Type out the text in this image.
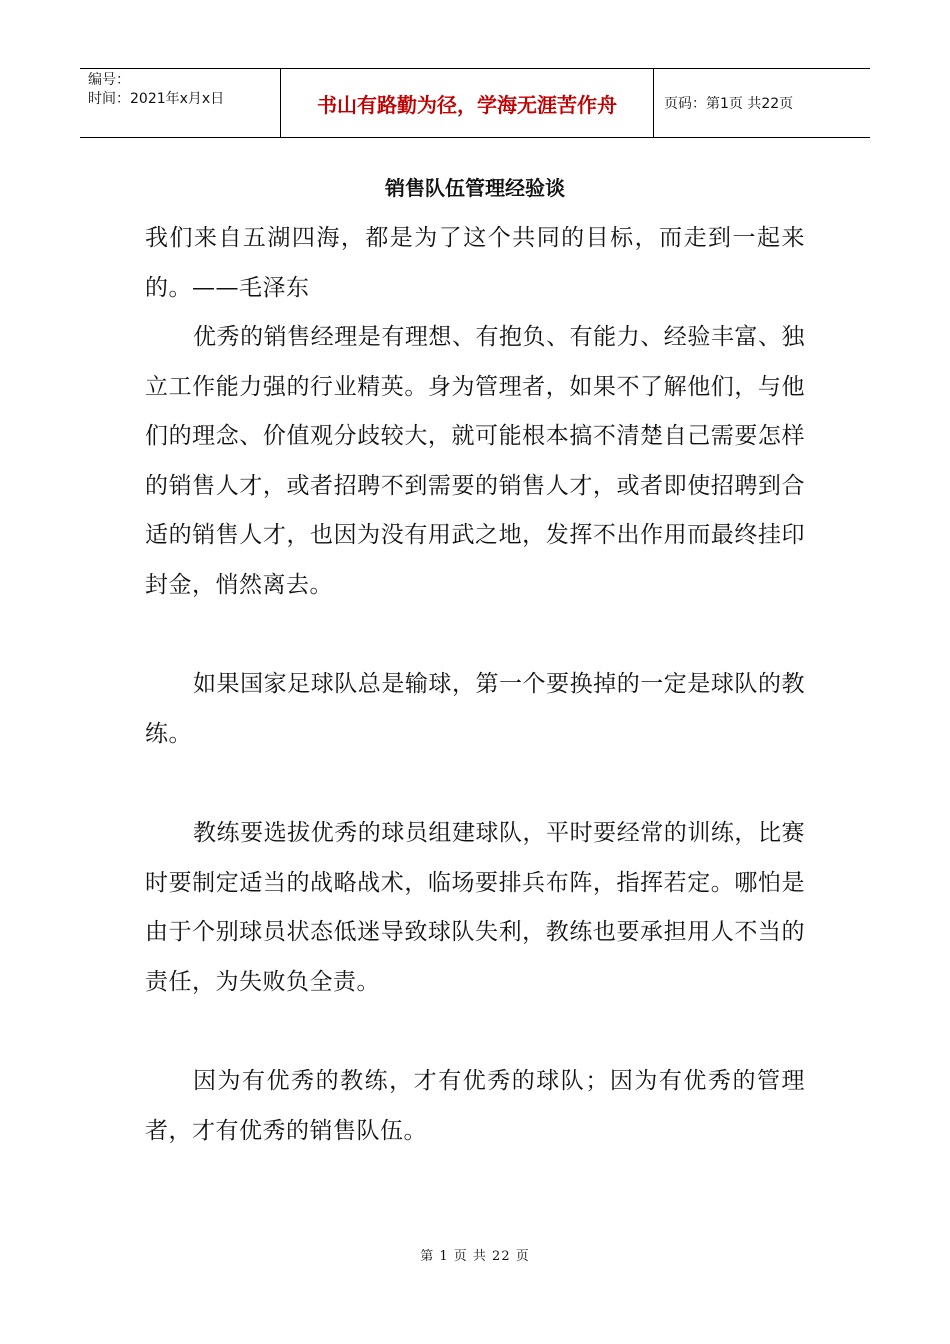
编号：
时间：2021年x月x日	书山有路勤为径，学海无涯苦作舟	页码：第1页 共22页
销售队伍管理经验谈

我们来自五湖四海，都是为了这个共同的目标，而走到一起来的。——毛泽东

优秀的销售经理是有理想、有抱负、有能力、经验丰富、独立工作能力强的行业精英。身为管理者，如果不了解他们，与他们的理念、价值观分歧较大，就可能根本搞不清楚自己需要怎样的销售人才，或者招聘不到需要的销售人才，或者即使招聘到合适的销售人才，也因为没有用武之地，发挥不出作用而最终挂印封金，悄然离去。

如果国家足球队总是输球，第一个要换掉的一定是球队的教练。

教练要选拔优秀的球员组建球队，平时要经常的训练，比赛时要制定适当的战略战术，临场要排兵布阵，指挥若定。哪怕是由于个别球员状态低迷导致球队失利，教练也要承担用人不当的责任，为失败负全责。

因为有优秀的教练，才有优秀的球队；因为有优秀的管理者，才有优秀的销售队伍。

第 1 页 共 22 页
